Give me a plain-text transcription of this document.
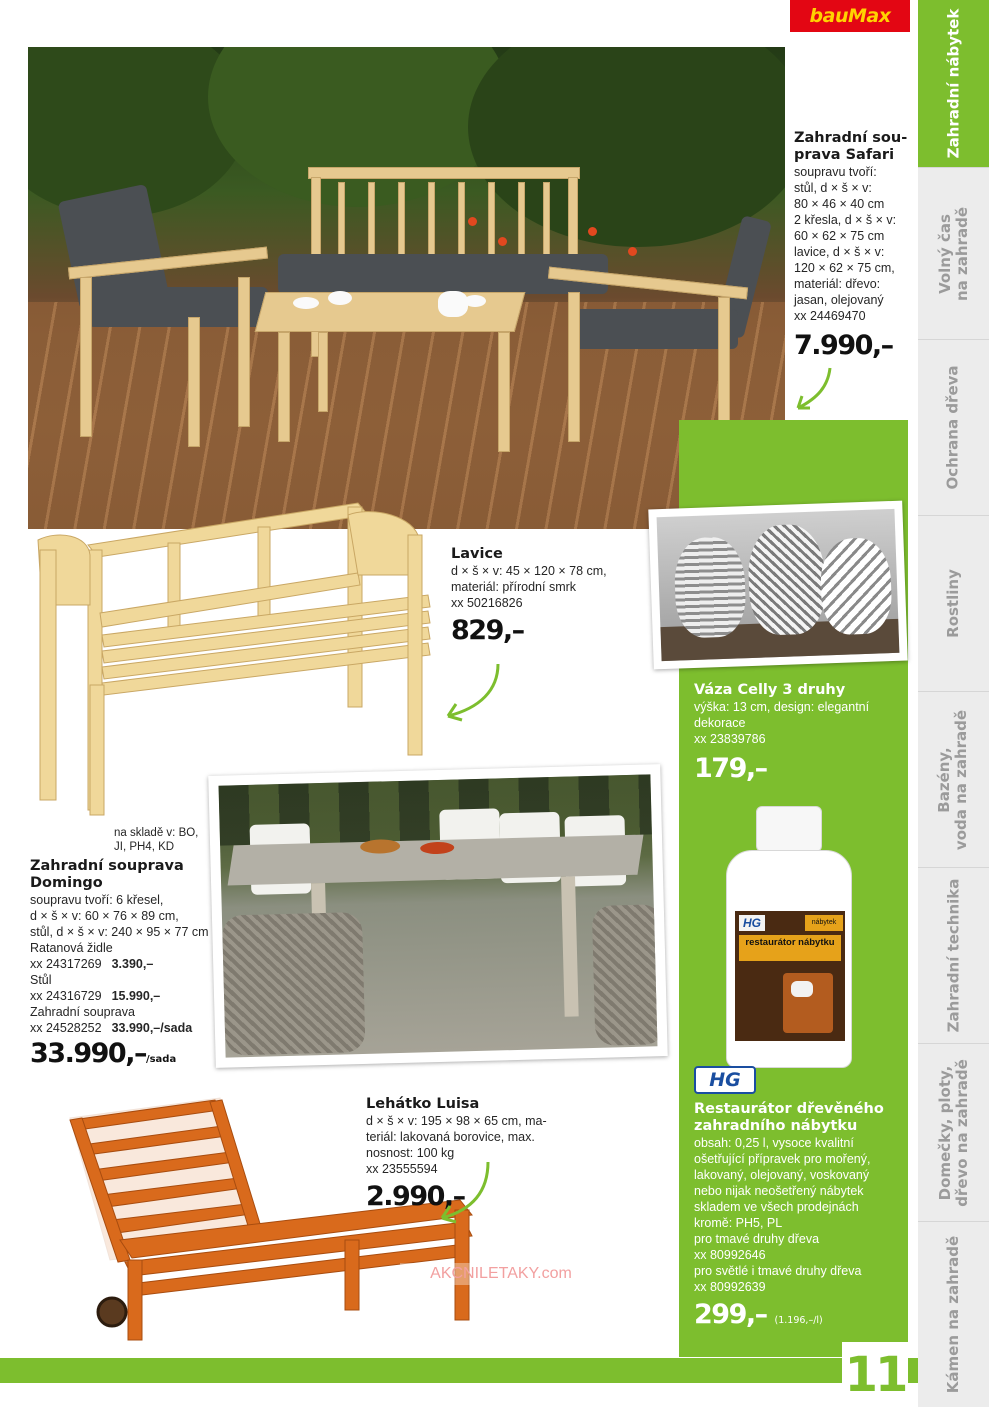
bauMax
Zahradní sou-
prava Safari
soupravu tvoří:
stůl, d × š × v:
80 × 46 × 40 cm
2 křesla, d × š × v:
60 × 62 × 75 cm
lavice, d × š × v:
120 × 62 × 75 cm,
materiál: dřevo:
jasan, olejovaný
xx 24469470
7.990,–
Váza Celly 3 druhy
výška: 13 cm, design: elegantní
dekorace
xx 23839786
179,–
Lavice
d × š × v: 45 × 120 × 78 cm,
materiál: přírodní smrk
xx 50216826
829,–
na skladě v: BO,
JI, PH4, KD
Zahradní souprava
Domingo
soupravu tvoří: 6 křesel,
d × š × v: 60 × 76 × 89 cm,
stůl, d × š × v: 240 × 95 × 77 cm
Ratanová židle
xx 24317269 3.390,–
Stůl
xx 24316729 15.990,–
Zahradní souprava
xx 24528252 33.990,–/sada
33.990,–/sada
Lehátko Luisa
d × š × v: 195 × 98 × 65 cm, ma-
teriál: lakovaná borovice, max.
nosnost: 100 kg
xx 23555594
2.990,–
HG	nábytek
restaurátor nábytku
HG
Restaurátor dřevěného
zahradního nábytku
obsah: 0,25 l, vysoce kvalitní
ošetřující přípravek pro mořený,
lakovaný, olejovaný, voskovaný
nebo nijak neošetřený nábytek
skladem ve všech prodejnách
kromě: PH5, PL
pro tmavé druhy dřeva
xx 80992646
pro světlé i tmavé druhy dřeva
xx 80992639
299,– (1.196,–/l)
AKCNILETAKY.com
11
Zahradní nábytek
Volný čas
na zahradě
Ochrana dřeva
Rostliny
Bazény,
voda na zahradě
Zahradní technika
Domečky, ploty,
dřevo na zahradě
Kámen na zahradě
